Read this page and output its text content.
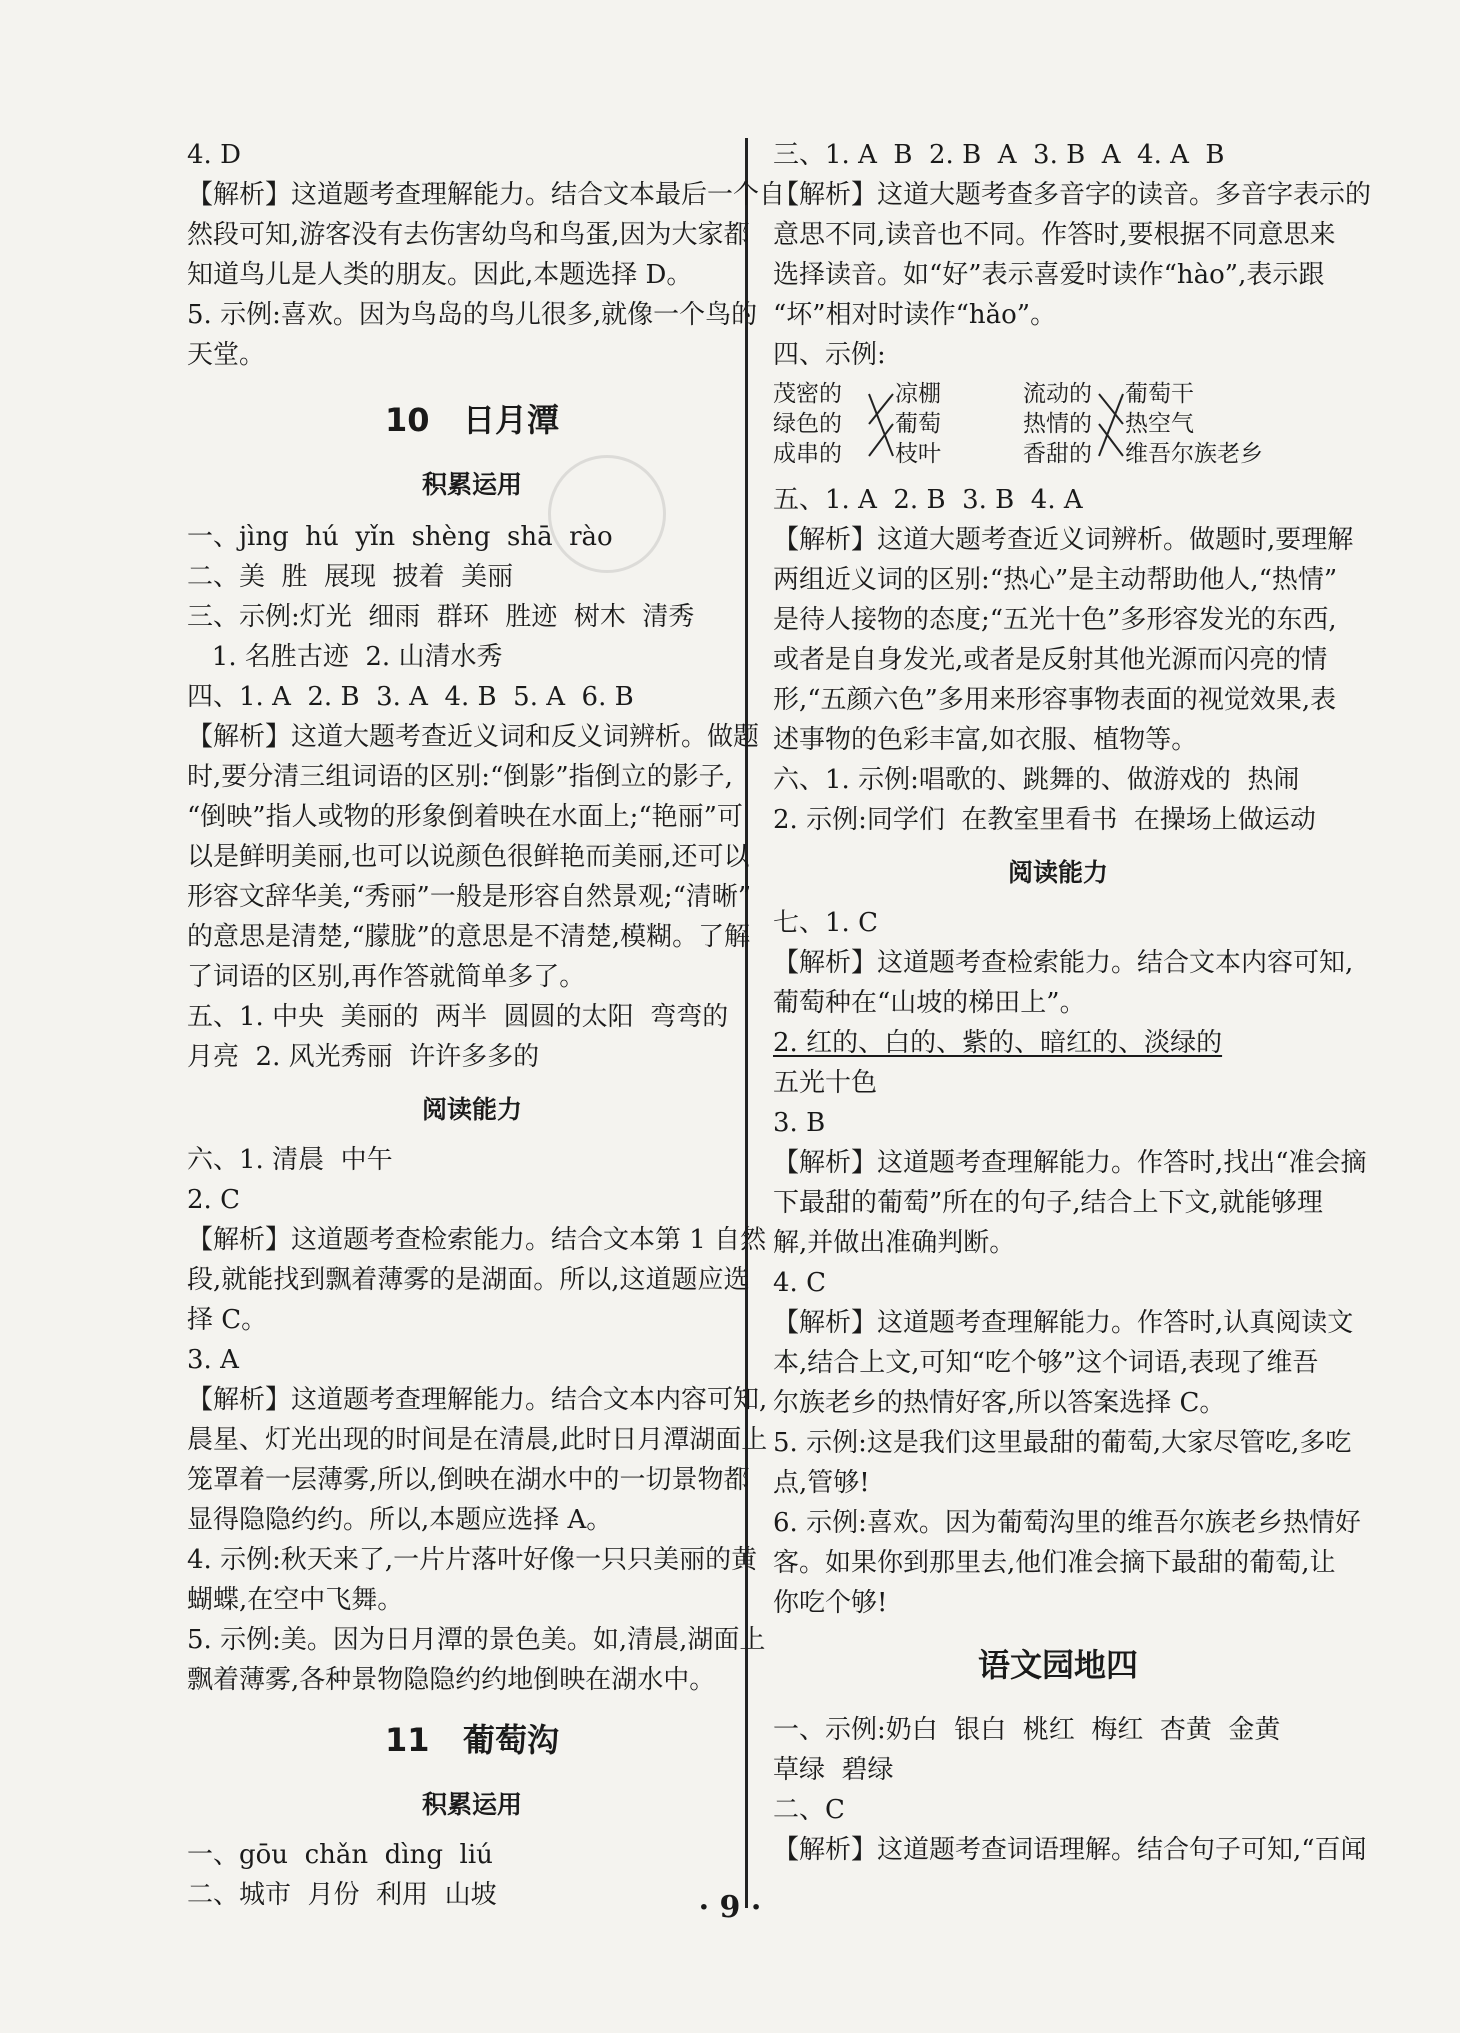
4. D
【解析】这道题考查理解能力。结合文本最后一个自
然段可知,游客没有去伤害幼鸟和鸟蛋,因为大家都
知道鸟儿是人类的朋友。因此,本题选择 D。
5. 示例:喜欢。因为鸟岛的鸟儿很多,就像一个鸟的
天堂。
10   日月潭
积累运用
一、jìng  hú  yǐn  shèng  shā  rào
二、美  胜  展现  披着  美丽
三、示例:灯光  细雨  群环  胜迹  树木  清秀
1. 名胜古迹  2. 山清水秀
四、1. A  2. B  3. A  4. B  5. A  6. B
【解析】这道大题考查近义词和反义词辨析。做题
时,要分清三组词语的区别:“倒影”指倒立的影子,
“倒映”指人或物的形象倒着映在水面上;“艳丽”可
以是鲜明美丽,也可以说颜色很鲜艳而美丽,还可以
形容文辞华美,“秀丽”一般是形容自然景观;“清晰”
的意思是清楚,“朦胧”的意思是不清楚,模糊。了解
了词语的区别,再作答就简单多了。
五、1. 中央  美丽的  两半  圆圆的太阳  弯弯的
月亮  2. 风光秀丽  许许多多的
阅读能力
六、1. 清晨  中午
2. C
【解析】这道题考查检索能力。结合文本第 1 自然
段,就能找到飘着薄雾的是湖面。所以,这道题应选
择 C。
3. A
【解析】这道题考查理解能力。结合文本内容可知,
晨星、灯光出现的时间是在清晨,此时日月潭湖面上
笼罩着一层薄雾,所以,倒映在湖水中的一切景物都
显得隐隐约约。所以,本题应选择 A。
4. 示例:秋天来了,一片片落叶好像一只只美丽的黄
蝴蝶,在空中飞舞。
5. 示例:美。因为日月潭的景色美。如,清晨,湖面上
飘着薄雾,各种景物隐隐约约地倒映在湖水中。
11   葡萄沟
积累运用
一、gōu  chǎn  dìng  liú
二、城市  月份  利用  山坡
三、1. A  B  2. B  A  3. B  A  4. A  B
【解析】这道大题考查多音字的读音。多音字表示的
意思不同,读音也不同。作答时,要根据不同意思来
选择读音。如“好”表示喜爱时读作“hào”,表示跟
“坏”相对时读作“hǎo”。
四、示例:
茂密的
绿色的
成串的
凉棚
葡萄
枝叶
流动的
热情的
香甜的
葡萄干
热空气
维吾尔族老乡
五、1. A  2. B  3. B  4. A
【解析】这道大题考查近义词辨析。做题时,要理解
两组近义词的区别:“热心”是主动帮助他人,“热情”
是待人接物的态度;“五光十色”多形容发光的东西,
或者是自身发光,或者是反射其他光源而闪亮的情
形,“五颜六色”多用来形容事物表面的视觉效果,表
述事物的色彩丰富,如衣服、植物等。
六、1. 示例:唱歌的、跳舞的、做游戏的  热闹
2. 示例:同学们  在教室里看书  在操场上做运动
阅读能力
七、1. C
【解析】这道题考查检索能力。结合文本内容可知,
葡萄种在“山坡的梯田上”。
2. 红的、白的、紫的、暗红的、淡绿的
五光十色
3. B
【解析】这道题考查理解能力。作答时,找出“准会摘
下最甜的葡萄”所在的句子,结合上下文,就能够理
解,并做出准确判断。
4. C
【解析】这道题考查理解能力。作答时,认真阅读文
本,结合上文,可知“吃个够”这个词语,表现了维吾
尔族老乡的热情好客,所以答案选择 C。
5. 示例:这是我们这里最甜的葡萄,大家尽管吃,多吃
点,管够!
6. 示例:喜欢。因为葡萄沟里的维吾尔族老乡热情好
客。如果你到那里去,他们准会摘下最甜的葡萄,让
你吃个够!
语文园地四
一、示例:奶白  银白  桃红  梅红  杏黄  金黄
草绿  碧绿
二、C
【解析】这道题考查词语理解。结合句子可知,“百闻
· 9 ·
